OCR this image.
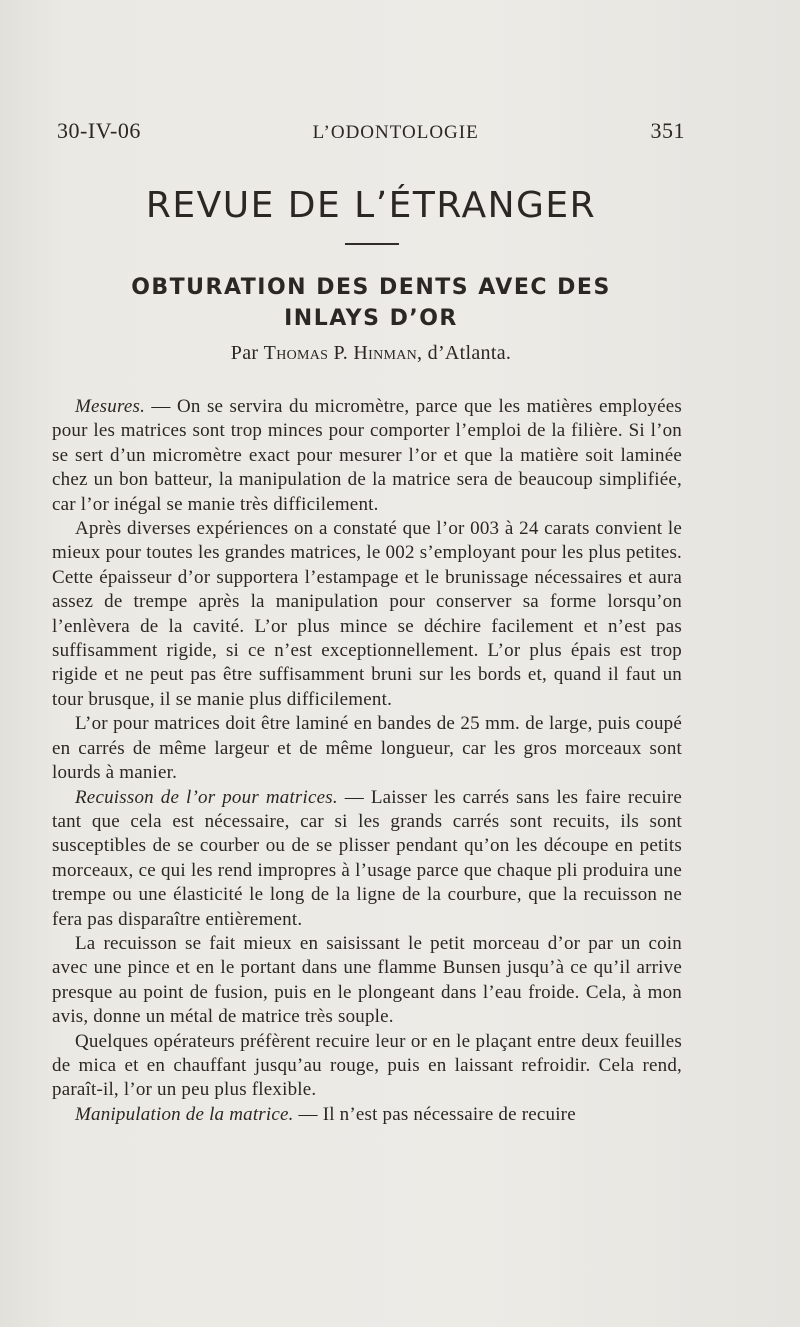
30-IV-06	L’ODONTOLOGIE	351
REVUE DE L’ÉTRANGER
OBTURATION DES DENTS AVEC DES
INLAYS D’OR
Par Thomas P. Hinman, d’Atlanta.

Mesures. — On se servira du micromètre, parce que les matières employées pour les matrices sont trop minces pour comporter l’emploi de la filière. Si l’on se sert d’un micromètre exact pour mesurer l’or et que la matière soit laminée chez un bon batteur, la manipulation de la matrice sera de beaucoup simplifiée, car l’or inégal se manie très difficilement.

Après diverses expériences on a constaté que l’or 003 à 24 carats convient le mieux pour toutes les grandes matrices, le 002 s’employant pour les plus petites. Cette épaisseur d’or supportera l’estampage et le brunissage nécessaires et aura assez de trempe après la manipulation pour conserver sa forme lorsqu’on l’enlèvera de la cavité. L’or plus mince se déchire facilement et n’est pas suffisamment rigide, si ce n’est exceptionnellement. L’or plus épais est trop rigide et ne peut pas être suffisamment bruni sur les bords et, quand il faut un tour brusque, il se manie plus difficilement.

L’or pour matrices doit être laminé en bandes de 25 mm. de large, puis coupé en carrés de même largeur et de même longueur, car les gros morceaux sont lourds à manier.

Recuisson de l’or pour matrices. — Laisser les carrés sans les faire recuire tant que cela est nécessaire, car si les grands carrés sont recuits, ils sont susceptibles de se courber ou de se plisser pendant qu’on les découpe en petits morceaux, ce qui les rend impropres à l’usage parce que chaque pli produira une trempe ou une élasticité le long de la ligne de la courbure, que la recuisson ne fera pas disparaître entièrement.

La recuisson se fait mieux en saisissant le petit morceau d’or par un coin avec une pince et en le portant dans une flamme Bunsen jusqu’à ce qu’il arrive presque au point de fusion, puis en le plongeant dans l’eau froide. Cela, à mon avis, donne un métal de matrice très souple.

Quelques opérateurs préfèrent recuire leur or en le plaçant entre deux feuilles de mica et en chauffant jusqu’au rouge, puis en laissant refroidir. Cela rend, paraît-il, l’or un peu plus flexible.

Manipulation de la matrice. — Il n’est pas nécessaire de recuire
